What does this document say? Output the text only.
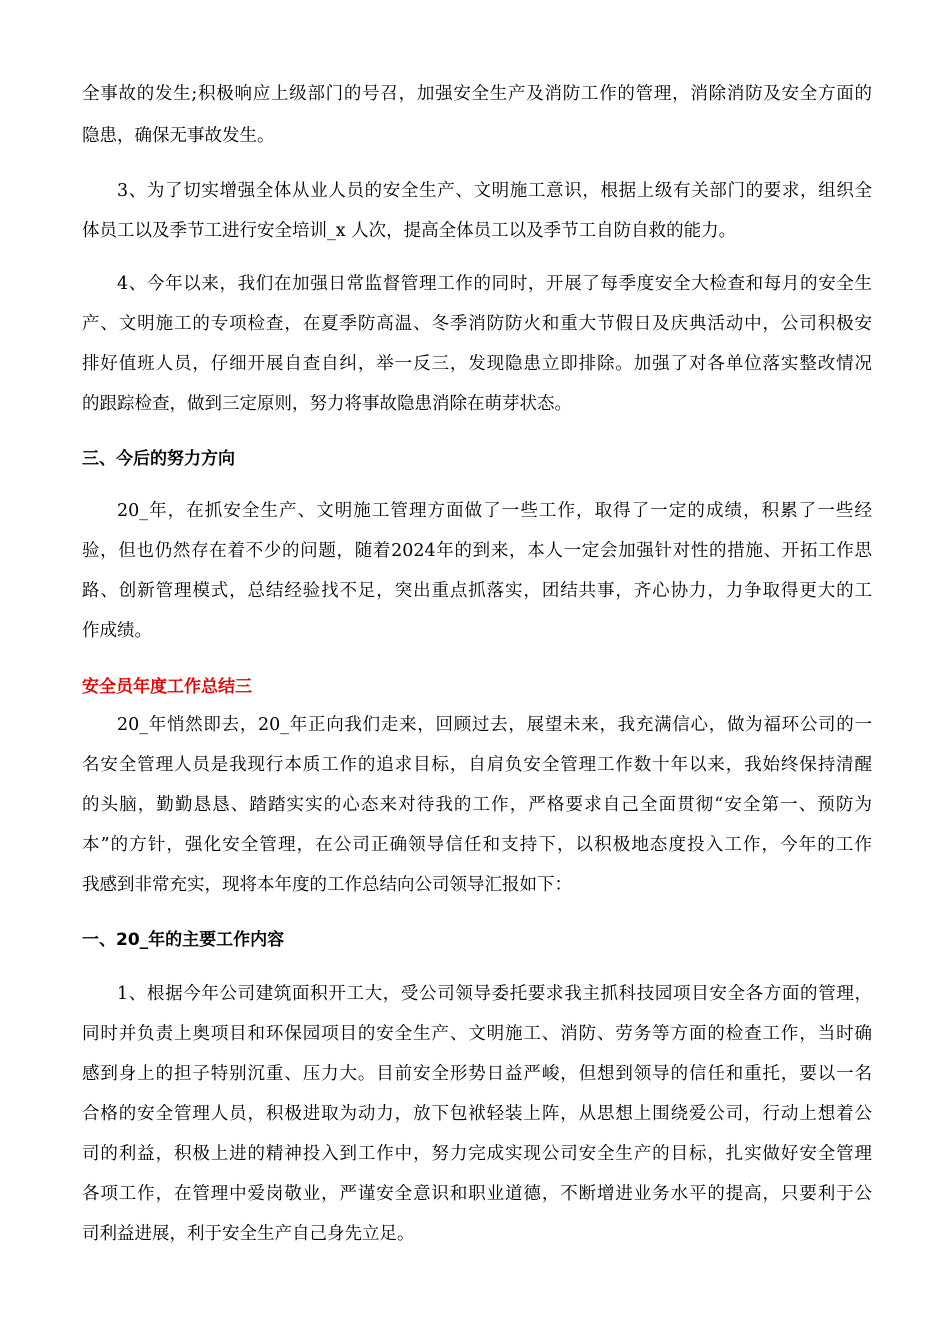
全事故的发生;积极响应上级部门的号召，加强安全生产及消防工作的管理，消除消防及安全方面的
隐患，确保无事故发生。
3、为了切实增强全体从业人员的安全生产、文明施工意识，根据上级有关部门的要求，组织全
体员工以及季节工进行安全培训_x 人次，提高全体员工以及季节工自防自救的能力。
4、今年以来，我们在加强日常监督管理工作的同时，开展了每季度安全大检查和每月的安全生
产、文明施工的专项检查，在夏季防高温、冬季消防防火和重大节假日及庆典活动中，公司积极安
排好值班人员，仔细开展自查自纠，举一反三，发现隐患立即排除。加强了对各单位落实整改情况
的跟踪检查，做到三定原则，努力将事故隐患消除在萌芽状态。
三、今后的努力方向
20_年，在抓安全生产、文明施工管理方面做了一些工作，取得了一定的成绩，积累了一些经
验，但也仍然存在着不少的问题，随着2024年的到来，本人一定会加强针对性的措施、开拓工作思
路、创新管理模式，总结经验找不足，突出重点抓落实，团结共事，齐心协力，力争取得更大的工
作成绩。
安全员年度工作总结三
20_年悄然即去，20_年正向我们走来，回顾过去，展望未来，我充满信心，做为福环公司的一
名安全管理人员是我现行本质工作的追求目标，自肩负安全管理工作数十年以来，我始终保持清醒
的头脑，勤勤恳恳、踏踏实实的心态来对待我的工作，严格要求自己全面贯彻“安全第一、预防为
本”的方针，强化安全管理，在公司正确领导信任和支持下，以积极地态度投入工作，今年的工作
我感到非常充实，现将本年度的工作总结向公司领导汇报如下：
一、20_年的主要工作内容
1、根据今年公司建筑面积开工大，受公司领导委托要求我主抓科技园项目安全各方面的管理，
同时并负责上奥项目和环保园项目的安全生产、文明施工、消防、劳务等方面的检查工作，当时确
感到身上的担子特别沉重、压力大。目前安全形势日益严峻，但想到领导的信任和重托，要以一名
合格的安全管理人员，积极进取为动力，放下包袱轻装上阵，从思想上围绕爱公司，行动上想着公
司的利益，积极上进的精神投入到工作中，努力完成实现公司安全生产的目标，扎实做好安全管理
各项工作，在管理中爱岗敬业，严谨安全意识和职业道德，不断增进业务水平的提高，只要利于公
司利益进展，利于安全生产自己身先立足。
